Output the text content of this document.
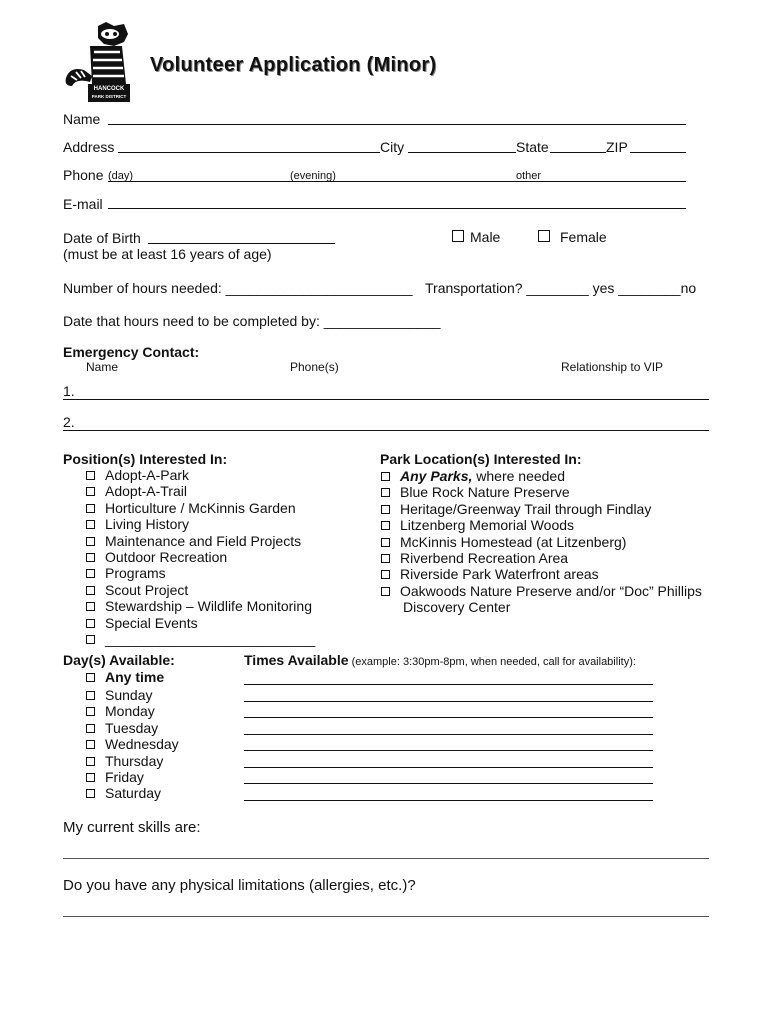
HANCOCK
PARK DISTRICT
Volunteer Application (Minor)
Name
Address	City	State	ZIP
Phone (day)	(evening)	other
E-mail
Date of Birth
(must be at least 16 years of age)
Male	Female
Number of hours needed: ________________________ Transportation? ________ yes ________no
Date that hours need to be completed by: _______________
Emergency Contact:
Name	Phone(s)	Relationship to VIP
1.
2.
Position(s) Interested In:
Adopt-A-Park
Adopt-A-Trail
Horticulture / McKinnis Garden
Living History
Maintenance and Field Projects
Outdoor Recreation
Programs
Scout Project
Stewardship – Wildlife Monitoring
Special Events
___________________________
Park Location(s) Interested In:
Any Parks, where needed
Blue Rock Nature Preserve
Heritage/Greenway Trail through Findlay
Litzenberg Memorial Woods
McKinnis Homestead (at Litzenberg)
Riverbend Recreation Area
Riverside Park Waterfront areas
Oakwoods Nature Preserve and/or “Doc” Phillips
Discovery Center
Day(s) Available:
Any time
Sunday
Monday
Tuesday
Wednesday
Thursday
Friday
Saturday
Times Available (example: 3:30pm-8pm, when needed, call for availability):
My current skills are:
Do you have any physical limitations (allergies, etc.)?
